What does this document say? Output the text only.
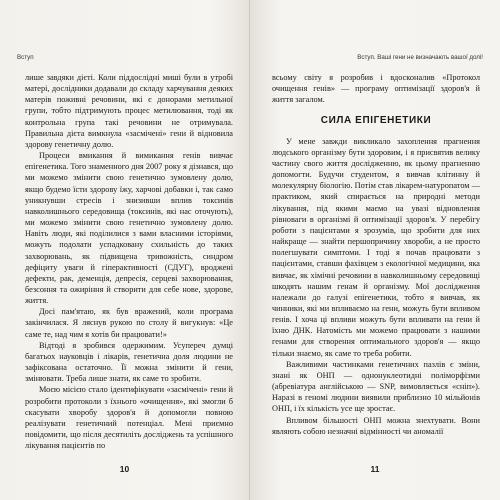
Вступ

лише завдяки дієті. Коли піддослідні миші були в утробі матері, дослідники додавали до складу харчування деяких матерів поживні речовини, які є донорами метильної групи, тобто підтримують процес метилювання, тоді як контрольна група такі речовини не отримувала. Правильна дієта вимкнула «засмічені» гени й відновила здорову генетичну долю.

Процеси вмикання й вимикання генів вивчає епігенетика. Того знаменного дня 2007 року я дізнався, що ми можемо змінити свою генетично зумовлену долю, якщо будемо їсти здорову їжу, харчові добавки і, так само уникнувши стресів і знизивши вплив токсинів навколишнього середовища (токсинів, які нас оточують), ми можемо змінити свою генетично зумовлену долю. Навіть люди, які поділилися з вами власними історіями, можуть подолати успадковану схильність до таких захворювань, як підвищена тривожність, синдром дефіциту уваги й гіперактивності (СДУГ), вроджені дефекти, рак, деменція, депресія, серцеві захворювання, безсоння та ожиріння й створити для себе нове, здорове, життя.

Досі пам'ятаю, як був вражений, коли програма закінчилася. Я ляснув рукою по столу й вигукнув: «Це саме те, над чим я хотів би працювати!»

Відтоді я зробився одержимим. Усупереч думці багатьох науковців і лікарів, генетична доля людини не зафіксована остаточно. Її можна змінити й гени, змінювати. Треба лише знати, як саме то зробити.

Моєю місією стало ідентифікувати «засмічені» гени й розробити протоколи з їхнього «очищення», які змогли б скасувати хворобу здоров'я й допомогли повною реалізувати генетичний потенціал. Мені приємно повідомити, що після десятиліть досліджень та успішного лікування пацієнтів по

10
Вступ. Ваші гени не визначають вашої долі!

всьому світу я розробив і вдосконалив «Протокол очищення генів» — програму оптимізації здоров'я й життя загалом.

СИЛА ЕПІГЕНЕТИКИ

У мене завжди викликало захоплення прагнення людського організму бути здоровим, і я присвятив велику частину свого життя дослідженню, як цьому прагненню допомогти. Будучи студентом, я вивчав клітинну й молекулярну біологію. Потім став лікарем-натуропатом — практиком, який спирається на природні методи лікування, під якими маємо на увазі відновлення рівноваги в організмі й оптимізації здоров'я. У перебігу роботи з пацієнтами я зрозумів, що зробити для них найкраще — знайти першопричину хвороби, а не просто полегшувати симптоми. І тоді я почав працювати з пацієнтами, ставши фахівцем з екологічної медицини, яка вивчає, як хімічні речовини в навколишньому середовищі шкодять нашим генам й організму. Мої дослідження належали до галузі епігенетики, тобто я вивчав, як чинники, які ми впливаємо на гени, можуть бути впливом генів. І хоча ці впливи можуть бути впливати на гени й їхню ДНК. Натомість ми можемо працювати з нашими генами для створення оптимального здоров'я — якщо тільки знаємо, як саме то треба робити.

Важливими частинками генетичних пазлів є зміни, знані як ОНП — однонуклеотидні поліморфізми (абревіатура англійською — SNP, вимовляється «сніп»). Наразі в геномі людини виявили приблизно 10 мільйонів ОНП, і їх кількість усе ще зростає.

Впливом більшості ОНП можна знехтувати. Вони являють собою незначні відмінності чи аномалії

11
